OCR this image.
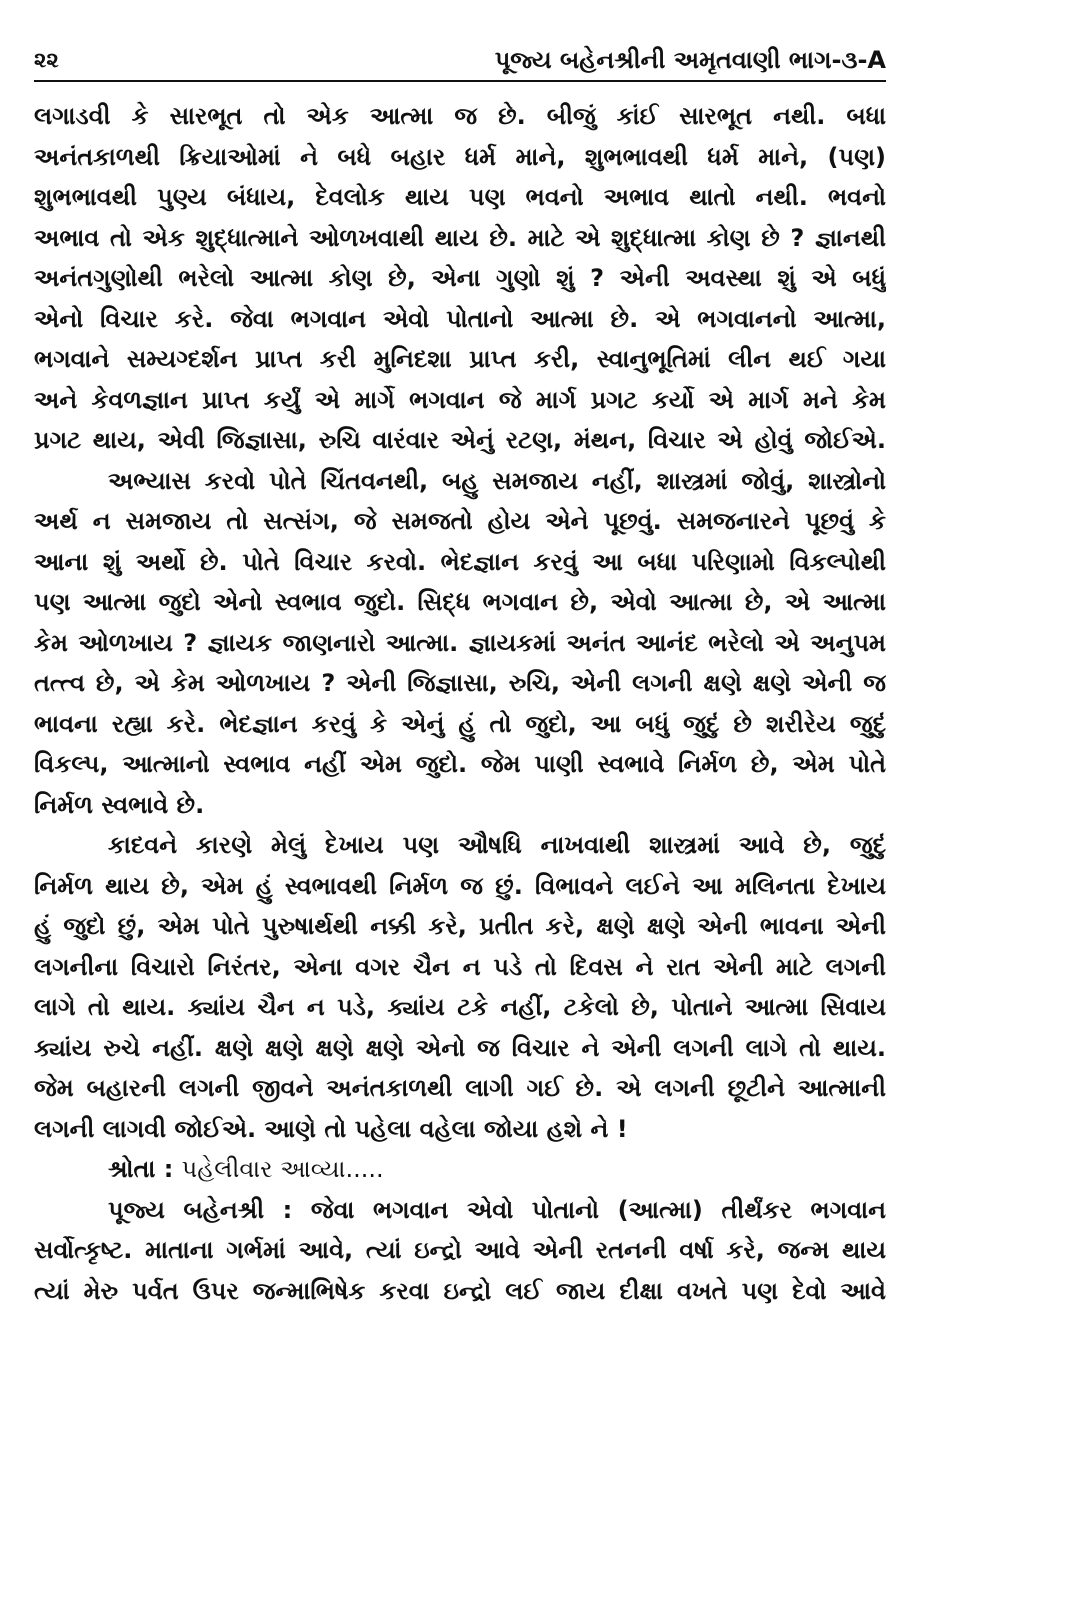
૨૨	પૂજ્ય બહેનશ્રીની અમૃતવાણી ભાગ-૩-A
લગાડવી કે સારભૂત તો એક આત્મા જ છે. બીજું કાંઈ સારભૂત નથી. બધા
અનંતકાળથી ક્રિયાઓમાં ને બધે બહાર ધર્મ માને, શુભભાવથી ધર્મ માને, (પણ)
શુભભાવથી પુણ્ય બંધાય, દેવલોક થાય પણ ભવનો અભાવ થાતો નથી. ભવનો
અભાવ તો એક શુદ્ધાત્માને ઓળખવાથી થાય છે. માટે એ શુદ્ધાત્મા કોણ છે ? જ્ઞાનથી
અનંતગુણોથી ભરેલો આત્મા કોણ છે, એના ગુણો શું ? એની અવસ્થા શું એ બધું
એનો વિચાર કરે. જેવા ભગવાન એવો પોતાનો આત્મા છે. એ ભગવાનનો આત્મા,
ભગવાને સમ્યગ્દર્શન પ્રાપ્ત કરી મુનિદશા પ્રાપ્ત કરી, સ્વાનુભૂતિમાં લીન થઈ ગયા
અને કેવળજ્ઞાન પ્રાપ્ત કર્યું એ માર્ગે ભગવાન જે માર્ગ પ્રગટ કર્યો એ માર્ગ મને કેમ
પ્રગટ થાય, એવી જિજ્ઞાસા, રુચિ વારંવાર એનું રટણ, મંથન, વિચાર એ હોવું જોઈએ.
અભ્યાસ કરવો પોતે ચિંતવનથી, બહુ સમજાય નહીં, શાસ્ત્રમાં જોવું, શાસ્ત્રોનો
અર્થ ન સમજાય તો સત્સંગ, જે સમજતો હોય એને પૂછવું. સમજનારને પૂછવું કે
આના શું અર્થો છે. પોતે વિચાર કરવો. ભેદજ્ઞાન કરવું આ બધા પરિણામો વિકલ્પોથી
પણ આત્મા જુદો એનો સ્વભાવ જુદો. સિદ્ધ ભગવાન છે, એવો આત્મા છે, એ આત્મા
કેમ ઓળખાય ? જ્ઞાયક જાણનારો આત્મા. જ્ઞાયકમાં અનંત આનંદ ભરેલો એ અનુપમ
તત્ત્વ છે, એ કેમ ઓળખાય ? એની જિજ્ઞાસા, રુચિ, એની લગની ક્ષણે ક્ષણે એની જ
ભાવના રહ્યા કરે. ભેદજ્ઞાન કરવું કે એનું હું તો જુદો, આ બધું જુદું છે શરીરેય જુદું
વિકલ્પ, આત્માનો સ્વભાવ નહીં એમ જુદો. જેમ પાણી સ્વભાવે નિર્મળ છે, એમ પોતે
નિર્મળ સ્વભાવે છે.
કાદવને કારણે મેલું દેખાય પણ ઔષધિ નાખવાથી શાસ્ત્રમાં આવે છે, જુદું
નિર્મળ થાય છે, એમ હું સ્વભાવથી નિર્મળ જ છું. વિભાવને લઈને આ મલિનતા દેખાય
હું જુદો છું, એમ પોતે પુરુષાર્થથી નક્કી કરે, પ્રતીત કરે, ક્ષણે ક્ષણે એની ભાવના એની
લગનીના વિચારો નિરંતર, એના વગર ચૈન ન પડે તો દિવસ ને રાત એની માટે લગની
લાગે તો થાય. ક્યાંય ચૈન ન પડે, ક્યાંય ટકે નહીં, ટકેલો છે, પોતાને આત્મા સિવાય
ક્યાંય રુચે નહીં. ક્ષણે ક્ષણે ક્ષણે ક્ષણે એનો જ વિચાર ને એની લગની લાગે તો થાય.
જેમ બહારની લગની જીવને અનંતકાળથી લાગી ગઈ છે. એ લગની છૂટીને આત્માની
લગની લાગવી જોઈએ. આણે તો પહેલા વહેલા જોયા હશે ને !
શ્રોતા : પહેલીવાર આવ્યા.....
પૂજ્ય બહેનશ્રી : જેવા ભગવાન એવો પોતાનો (આત્મા) તીર્થંકર ભગવાન
સર્વોત્કૃષ્ટ. માતાના ગર્ભમાં આવે, ત્યાં ઇન્દ્રો આવે એની રતનની વર્ષા કરે, જન્મ થાય
ત્યાં મેરુ પર્વત ઉપર જન્માભિષેક કરવા ઇન્દ્રો લઈ જાય દીક્ષા વખતે પણ દેવો આવે
